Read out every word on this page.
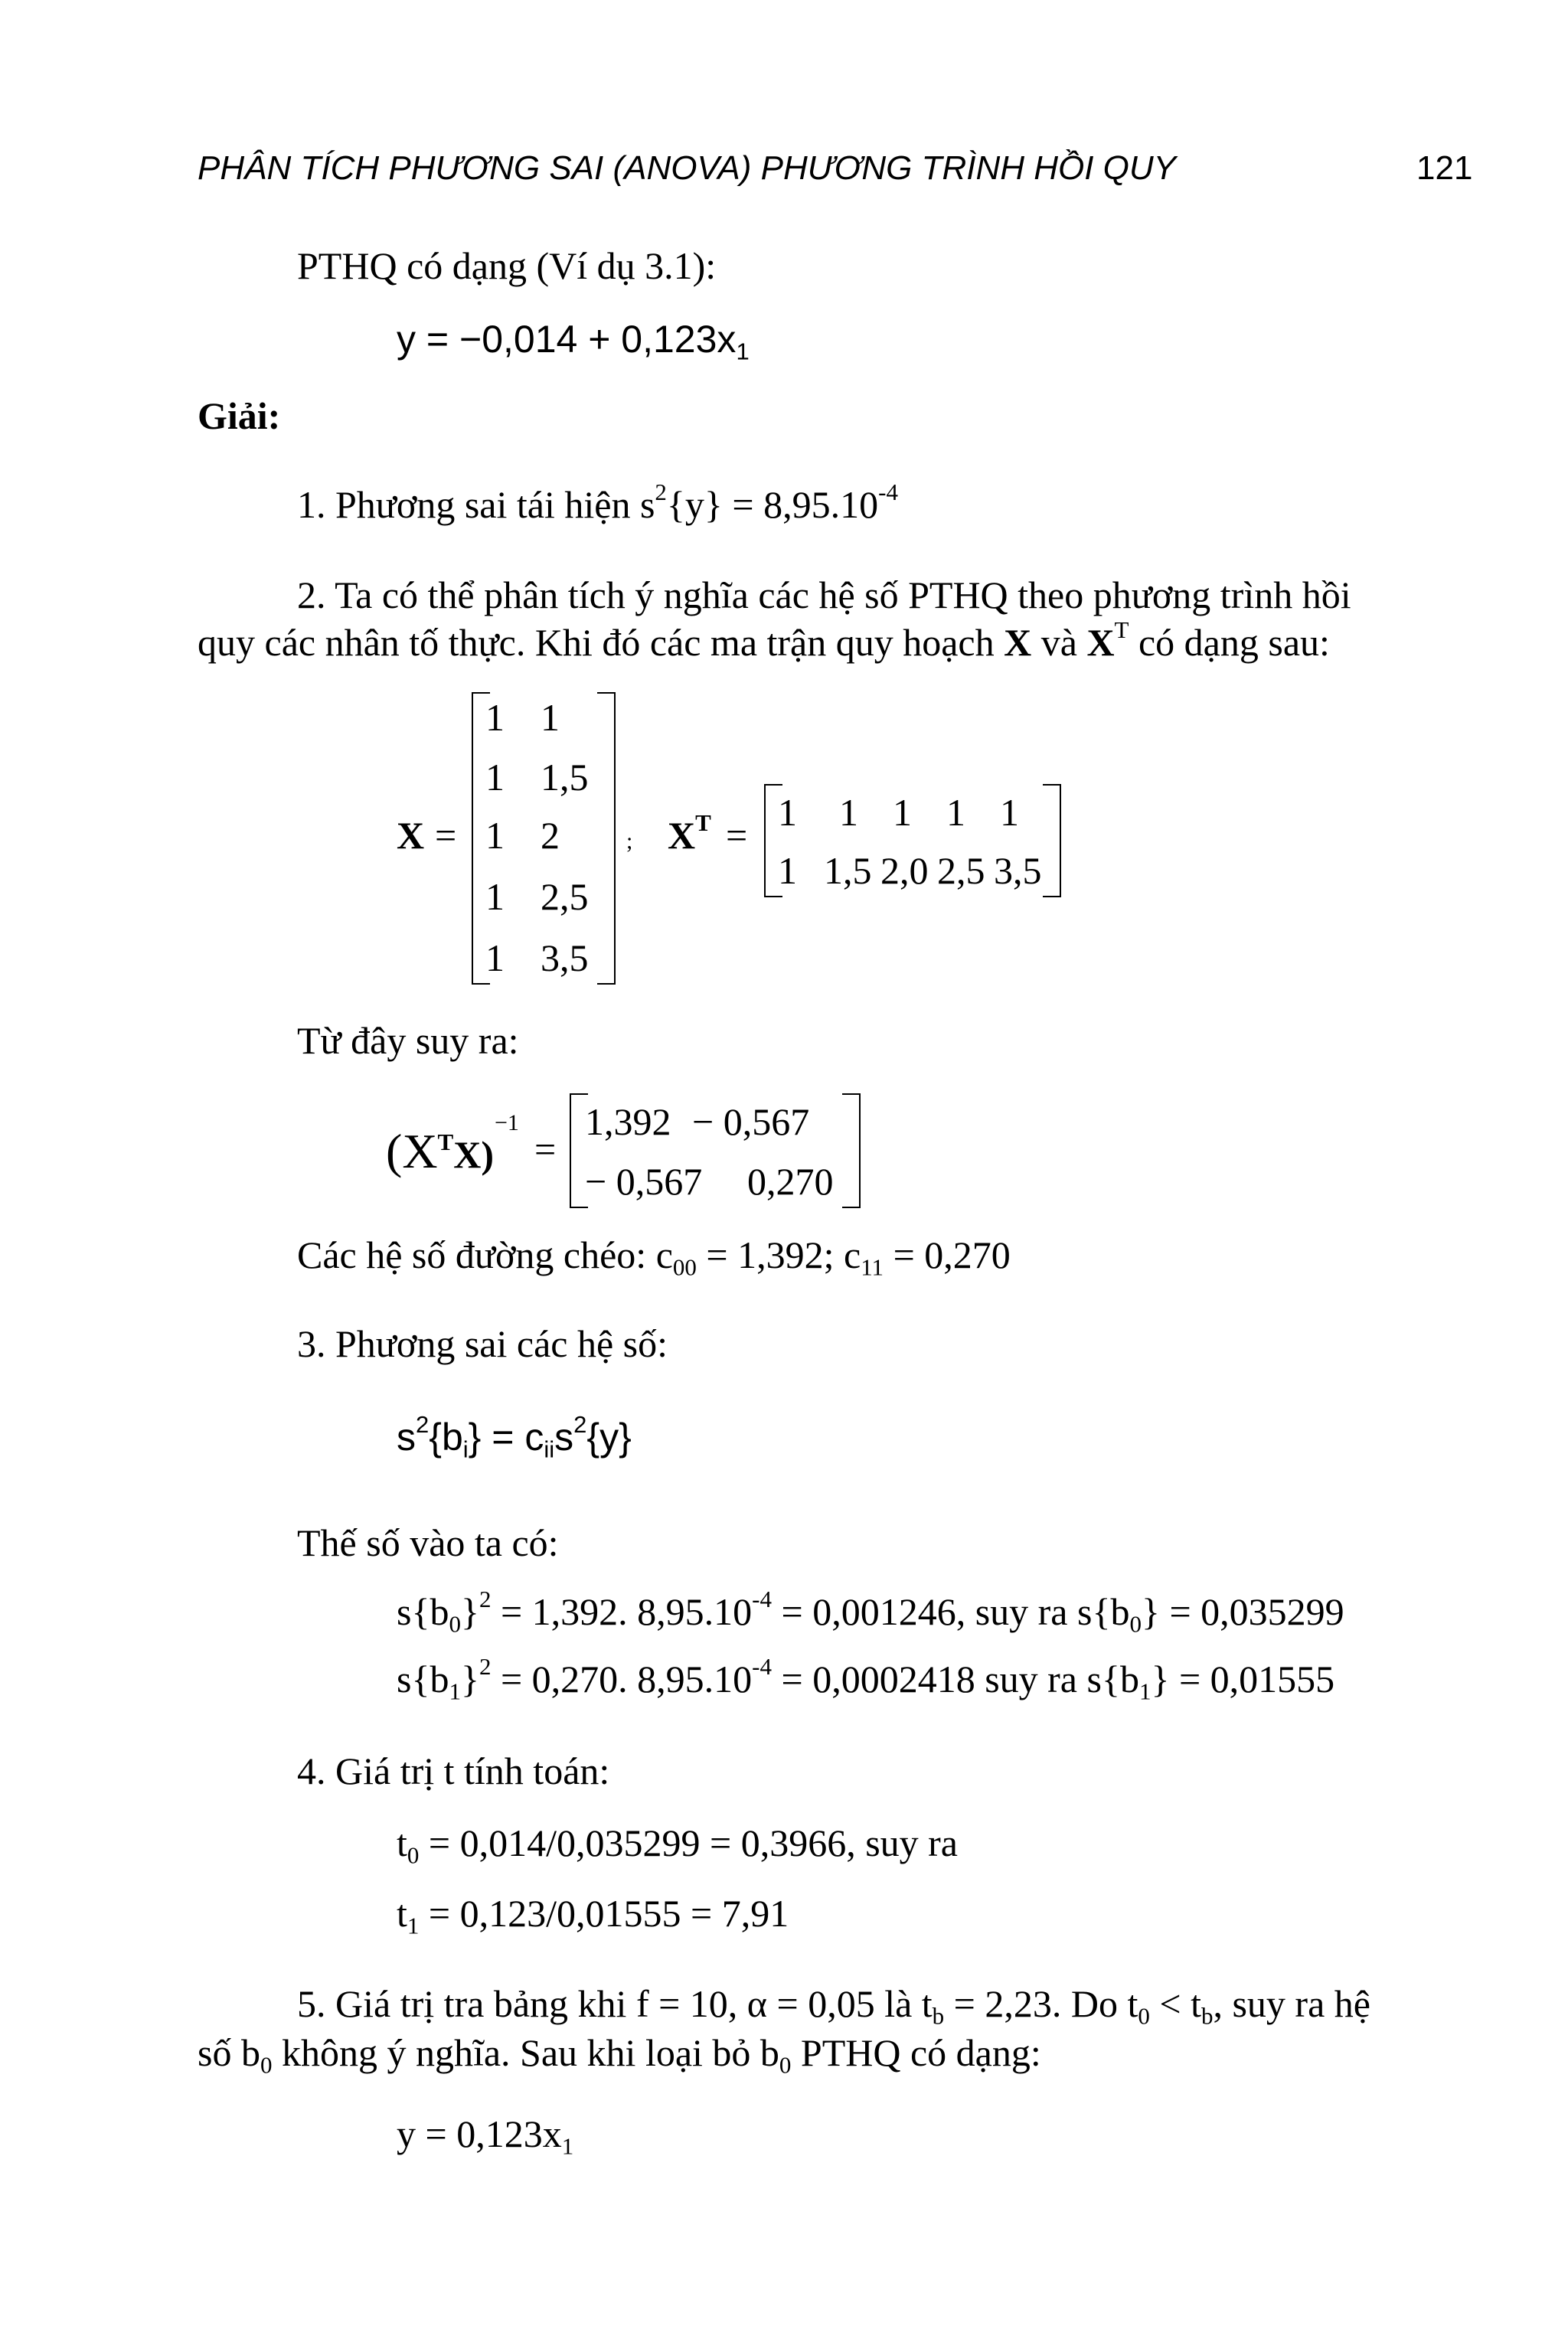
PHÂN TÍCH PHƯƠNG SAI (ANOVA) PHƯƠNG TRÌNH HỒI QUY	121
PTHQ có dạng (Ví dụ 3.1):
$y = -0,014 + 0,123x_1$
Giải:
1. Phương sai tái hiện $s^2\{y\} = 8,95.10^{-4}$
2. Ta có thể phân tích ý nghĩa các hệ số PTHQ theo phương trình hồi
quy các nhân tố thực. Khi đó các ma trận quy hoạch X và $X^T$ có dạng sau:
X =
1 1
1 1,5
1 2
1 2,5
1 3,5
; $X^T$ =
1 1 1 1 1
1 1,5 2,0 2,5 3,5
Từ đây suy ra:
$(X^TX)$
−1
=
1,392 − 0,567
− 0,567 0,270
Các hệ số đường chéo: $c_{00} = 1,392$; $c_{11} = 0,270$
3. Phương sai các hệ số:
$s^2\{b_i\} = c_{ii}s^2\{y\}$
Thế số vào ta có:
$s\{b_0\}^2 = 1,392$. $8,95.10^{-4} = 0,001246$, suy ra $s\{b_0\} = 0,035299$
$s\{b_1\}^2 = 0,270$. $8,95.10^{-4} = 0,0002418$ suy ra $s\{b_1\} = 0,01555$
4. Giá trị t tính toán:
$t_0 = 0,014/0,035299 = 0,3966$, suy ra
$t_1 = 0,123/0,01555 = 7,91$
5. Giá trị tra bảng khi f = 10, α = 0,05 là $t_b = 2,23$. Do $t_0 < t_b$, suy ra hệ
số $b_0$ không ý nghĩa. Sau khi loại bỏ $b_0$ PTHQ có dạng:
$y = 0,123x_1$
